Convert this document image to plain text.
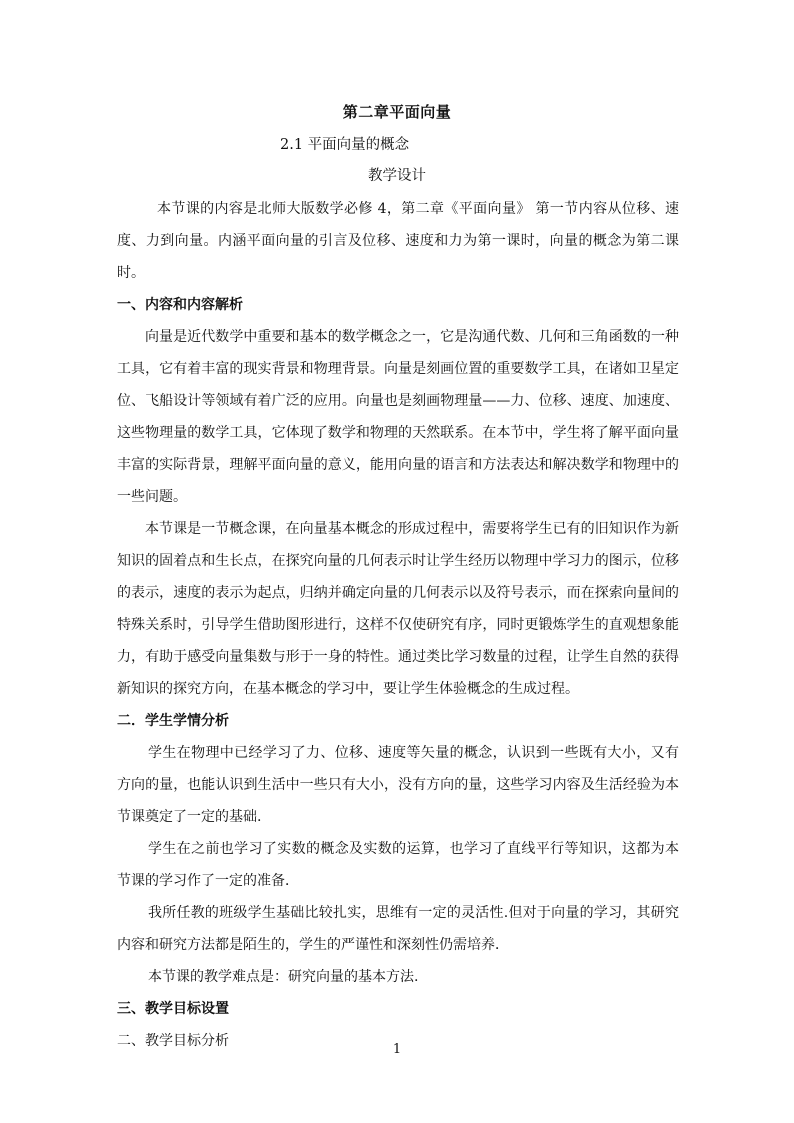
第二章平面向量
2.1 平面向量的概念
教学设计

本节课的内容是北师大版数学必修 4，第二章《平面向量》 第一节内容从位移、速度、力到向量。内涵平面向量的引言及位移、速度和力为第一课时，向量的概念为第二课时。

一、内容和内容解析

向量是近代数学中重要和基本的数学概念之一，它是沟通代数、几何和三角函数的一种工具，它有着丰富的现实背景和物理背景。向量是刻画位置的重要数学工具，在诸如卫星定位、飞船设计等领域有着广泛的应用。向量也是刻画物理量——力、位移、速度、加速度、这些物理量的数学工具，它体现了数学和物理的天然联系。在本节中，学生将了解平面向量丰富的实际背景，理解平面向量的意义，能用向量的语言和方法表达和解决数学和物理中的一些问题。

本节课是一节概念课，在向量基本概念的形成过程中，需要将学生已有的旧知识作为新知识的固着点和生长点，在探究向量的几何表示时让学生经历以物理中学习力的图示，位移的表示，速度的表示为起点，归纳并确定向量的几何表示以及符号表示，而在探索向量间的特殊关系时，引导学生借助图形进行，这样不仅使研究有序，同时更锻炼学生的直观想象能力，有助于感受向量集数与形于一身的特性。通过类比学习数量的过程，让学生自然的获得新知识的探究方向，在基本概念的学习中，要让学生体验概念的生成过程。

二．学生学情分析

学生在物理中已经学习了力、位移、速度等矢量的概念，认识到一些既有大小，又有方向的量，也能认识到生活中一些只有大小，没有方向的量，这些学习内容及生活经验为本节课奠定了一定的基础.

学生在之前也学习了实数的概念及实数的运算，也学习了直线平行等知识，这都为本节课的学习作了一定的准备．

我所任教的班级学生基础比较扎实，思维有一定的灵活性.但对于向量的学习，其研究内容和研究方法都是陌生的，学生的严谨性和深刻性仍需培养．

本节课的教学难点是：研究向量的基本方法.

三、教学目标设置

二、教学目标分析

1
